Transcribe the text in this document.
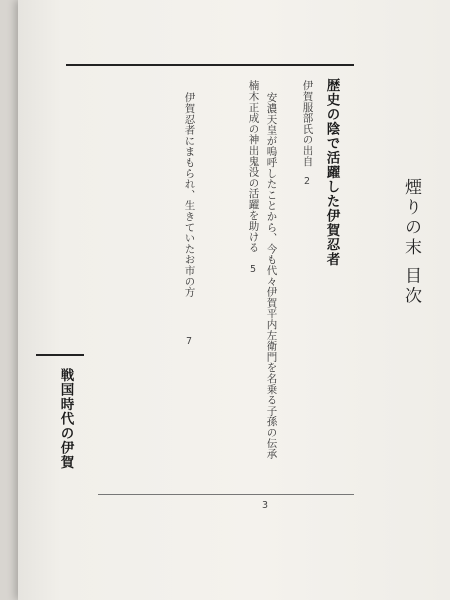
煙りの末 目次
歴史の陰で活躍した伊賀忍者
伊賀服部氏の出自
2
安濃天皇が嗚呼したことから、今も代々伊賀平内左衛門を名乗る子孫の伝承
3
楠木正成の神出鬼没の活躍を助ける
5
伊賀忍者にまもられ、生きていたお市の方
7
戦国時代の伊賀
